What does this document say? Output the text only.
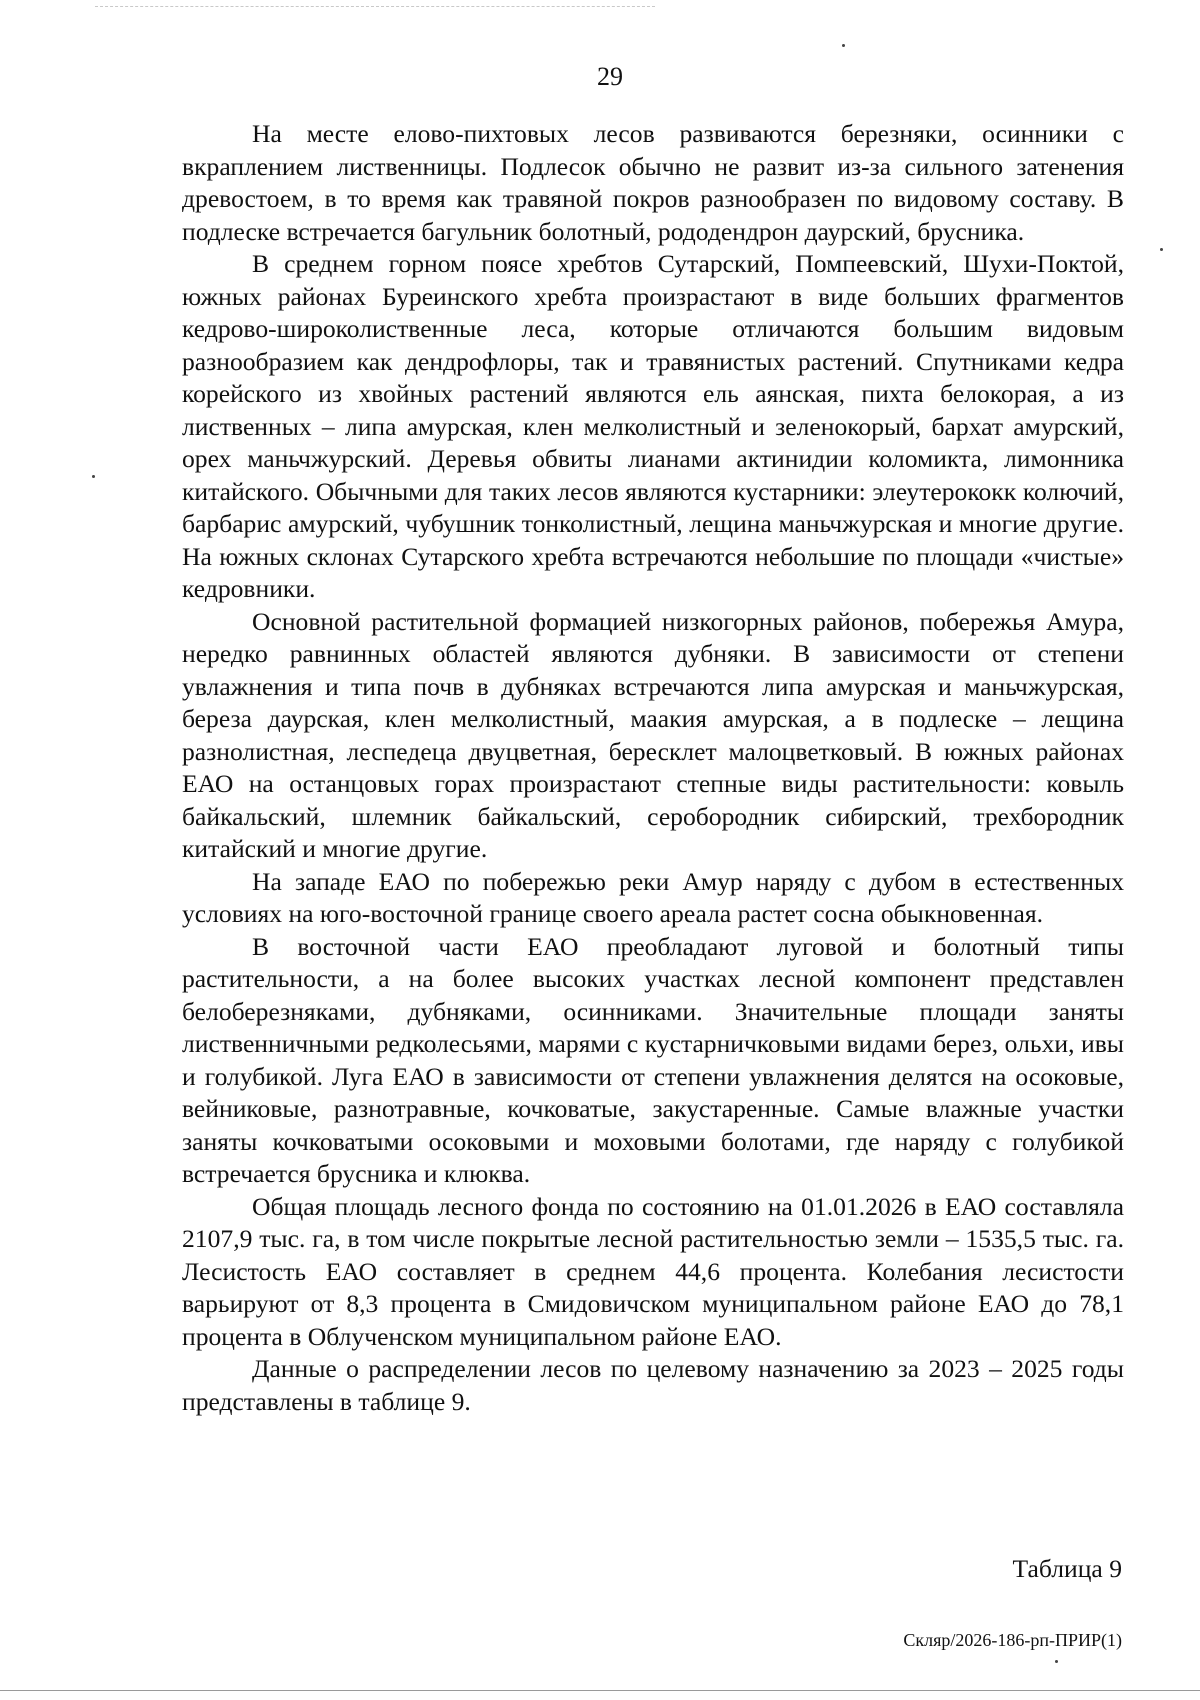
29

На месте елово-пихтовых лесов развиваются березняки, осинники с вкраплением лиственницы. Подлесок обычно не развит из-за сильного затенения древостоем, в то время как травяной покров разнообразен по видовому составу. В подлеске встречается багульник болотный, рододендрон даурский, брусника.

В среднем горном поясе хребтов Сутарский, Помпеевский, Шухи-Поктой, южных районах Буреинского хребта произрастают в виде больших фрагментов кедрово-широколиственные леса, которые отличаются большим видовым разнообразием как дендрофлоры, так и травянистых растений. Спутниками кедра корейского из хвойных растений являются ель аянская, пихта белокорая, а из лиственных – липа амурская, клен мелколистный и зеленокорый, бархат амурский, орех маньчжурский. Деревья обвиты лианами актинидии коломикта, лимонника китайского. Обычными для таких лесов являются кустарники: элеутерококк колючий, барбарис амурский, чубушник тонколистный, лещина маньчжурская и многие другие. На южных склонах Сутарского хребта встречаются небольшие по площади «чистые» кедровники.

Основной растительной формацией низкогорных районов, побережья Амура, нередко равнинных областей являются дубняки. В зависимости от степени увлажнения и типа почв в дубняках встречаются липа амурская и маньчжурская, береза даурская, клен мелколистный, маакия амурская, а в подлеске – лещина разнолистная, леспедеца двуцветная, бересклет малоцветковый. В южных районах ЕАО на останцовых горах произрастают степные виды растительности: ковыль байкальский, шлемник байкальский, серобородник сибирский, трехбородник китайский и многие другие.

На западе ЕАО по побережью реки Амур наряду с дубом в естественных условиях на юго-восточной границе своего ареала растет сосна обыкновенная.

В восточной части ЕАО преобладают луговой и болотный типы растительности, а на более высоких участках лесной компонент представлен белоберезняками, дубняками, осинниками. Значительные площади заняты лиственничными редколесьями, марями с кустарничковыми видами берез, ольхи, ивы и голубикой. Луга ЕАО в зависимости от степени увлажнения делятся на осоковые, вейниковые, разнотравные, кочковатые, закустаренные. Самые влажные участки заняты кочковатыми осоковыми и моховыми болотами, где наряду с голубикой встречается брусника и клюква.

Общая площадь лесного фонда по состоянию на 01.01.2026 в ЕАО составляла 2107,9 тыс. га, в том числе покрытые лесной растительностью земли – 1535,5 тыс. га. Лесистость ЕАО составляет в среднем 44,6 процента. Колебания лесистости варьируют от 8,3 процента в Смидовичском муниципальном районе ЕАО до 78,1 процента в Облученском муниципальном районе ЕАО.

Данные о распределении лесов по целевому назначению за 2023 – 2025 годы представлены в таблице 9.

Таблица 9
Скляр/2026-186-рп-ПРИР(1)
